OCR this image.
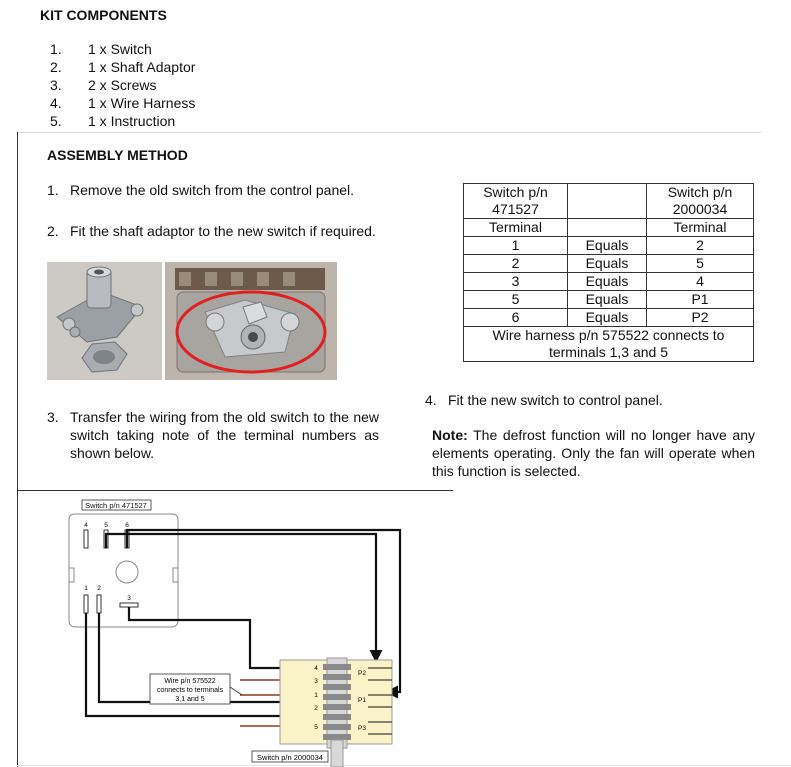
KIT COMPONENTS
1.	1 x Switch
2.	1 x Shaft Adaptor
3.	2 x Screws
4.	1 x Wire Harness
5.	1 x Instruction
ASSEMBLY METHOD
1. Remove the old switch from the control panel.
2. Fit the shaft adaptor to the new switch if required.
3. Transfer the wiring from the old switch to the new switch taking note of the terminal numbers as shown below.
Switch p/n 471527		Switch p/n 2000034
Terminal		Terminal
1	Equals	2
2	Equals	5
3	Equals	4
5	Equals	P1
6	Equals	P2
Wire harness p/n 575522 connects to terminals 1,3 and 5		
4. Fit the new switch to control panel.
Note: The defrost function will no longer have any elements operating. Only the fan will operate when this function is selected.
Switch p/n 471527
4	5	6
1 2
3
Wire p/n 575522
connects to terminals
3,1 and 5
4
3
1
2
5
P2
P1
P3
Switch p/n 2000034
